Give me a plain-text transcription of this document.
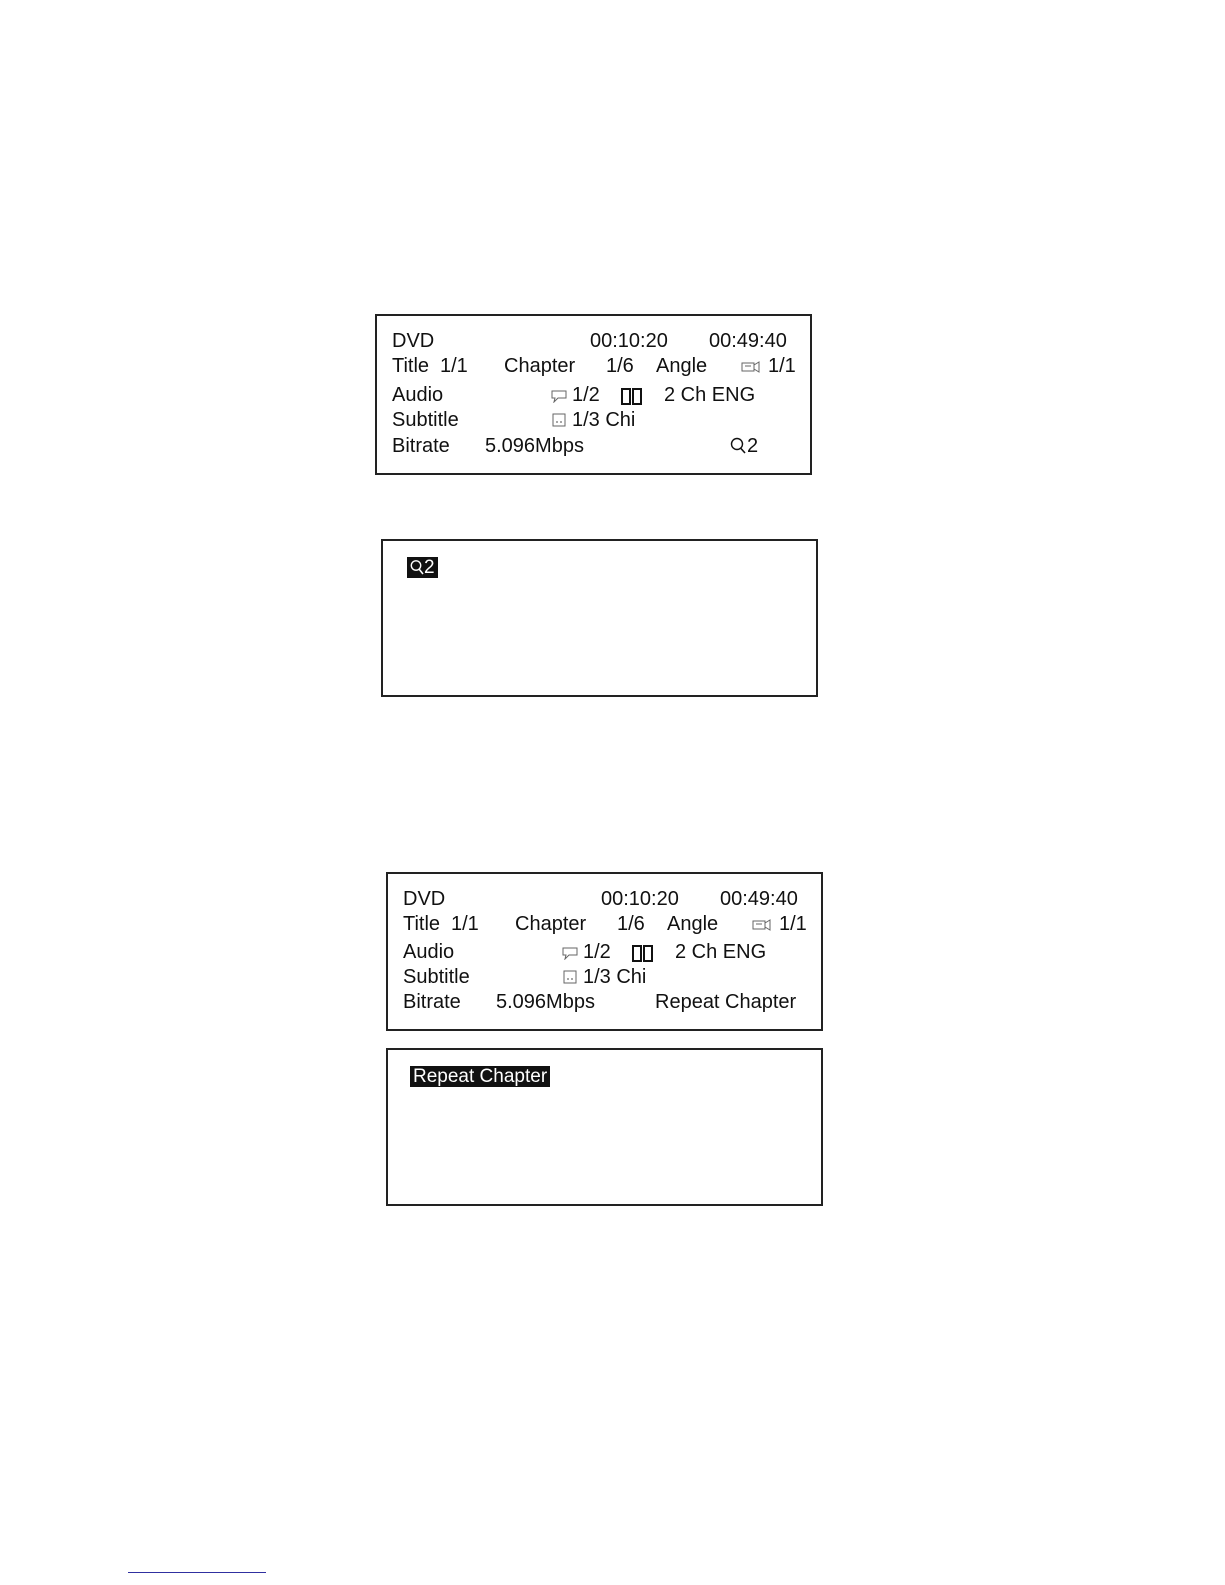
DVD	00:10:20 00:49:40
Title 1/1 Chapter 1/6 Angle	1/1
Audio	1/2	2 Ch ENG
Subtitle	1/3 Chi
Bitrate 5.096Mbps	2
2
DVD	00:10:20 00:49:40
Title 1/1 Chapter 1/6 Angle	1/1
Audio	1/2	2 Ch ENG
Subtitle	1/3 Chi
Bitrate 5.096Mbps	Repeat Chapter
Repeat Chapter
